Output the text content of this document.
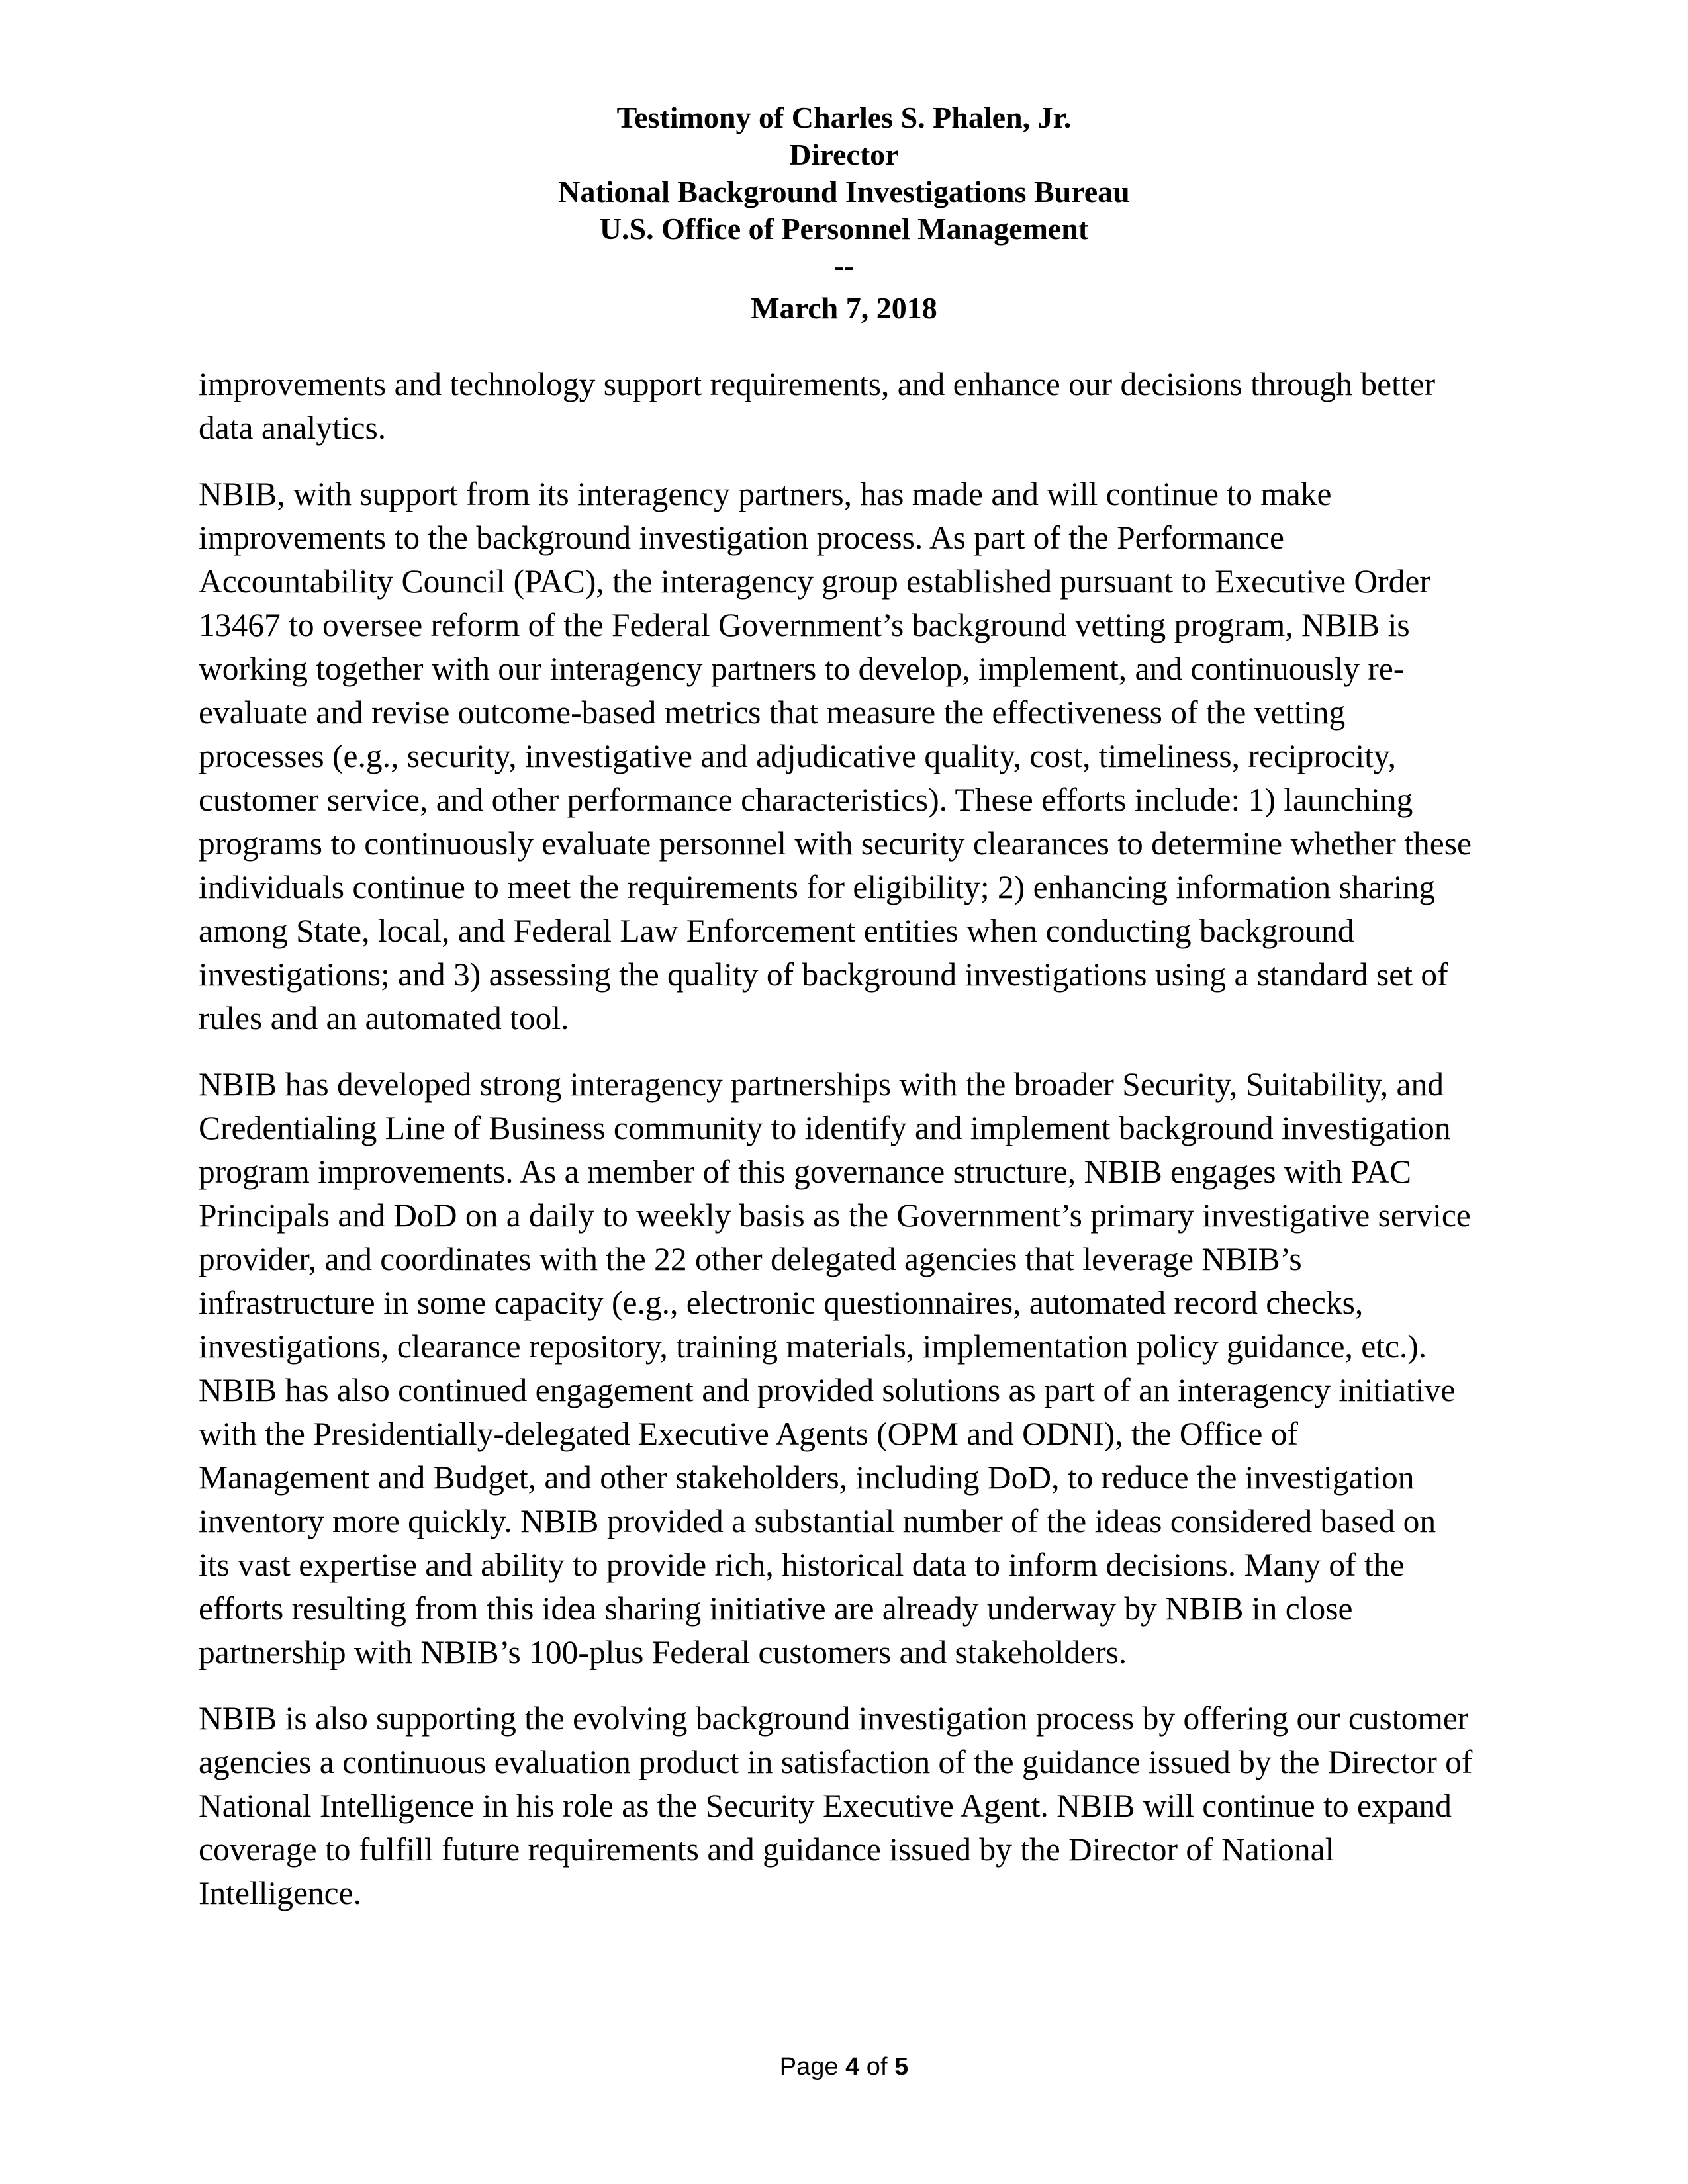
Testimony of Charles S. Phalen, Jr.
Director
National Background Investigations Bureau
U.S. Office of Personnel Management
--
March 7, 2018

improvements and technology support requirements, and enhance our decisions through better
data analytics.

NBIB, with support from its interagency partners, has made and will continue to make
improvements to the background investigation process. As part of the Performance
Accountability Council (PAC), the interagency group established pursuant to Executive Order
13467 to oversee reform of the Federal Government’s background vetting program, NBIB is
working together with our interagency partners to develop, implement, and continuously re-
evaluate and revise outcome-based metrics that measure the effectiveness of the vetting
processes (e.g., security, investigative and adjudicative quality, cost, timeliness, reciprocity,
customer service, and other performance characteristics). These efforts include: 1) launching
programs to continuously evaluate personnel with security clearances to determine whether these
individuals continue to meet the requirements for eligibility; 2) enhancing information sharing
among State, local, and Federal Law Enforcement entities when conducting background
investigations; and 3) assessing the quality of background investigations using a standard set of
rules and an automated tool.

NBIB has developed strong interagency partnerships with the broader Security, Suitability, and
Credentialing Line of Business community to identify and implement background investigation
program improvements. As a member of this governance structure, NBIB engages with PAC
Principals and DoD on a daily to weekly basis as the Government’s primary investigative service
provider, and coordinates with the 22 other delegated agencies that leverage NBIB’s
infrastructure in some capacity (e.g., electronic questionnaires, automated record checks,
investigations, clearance repository, training materials, implementation policy guidance, etc.).
NBIB has also continued engagement and provided solutions as part of an interagency initiative
with the Presidentially-delegated Executive Agents (OPM and ODNI), the Office of
Management and Budget, and other stakeholders, including DoD, to reduce the investigation
inventory more quickly. NBIB provided a substantial number of the ideas considered based on
its vast expertise and ability to provide rich, historical data to inform decisions. Many of the
efforts resulting from this idea sharing initiative are already underway by NBIB in close
partnership with NBIB’s 100-plus Federal customers and stakeholders.

NBIB is also supporting the evolving background investigation process by offering our customer
agencies a continuous evaluation product in satisfaction of the guidance issued by the Director of
National Intelligence in his role as the Security Executive Agent. NBIB will continue to expand
coverage to fulfill future requirements and guidance issued by the Director of National
Intelligence.

Page 4 of 5
